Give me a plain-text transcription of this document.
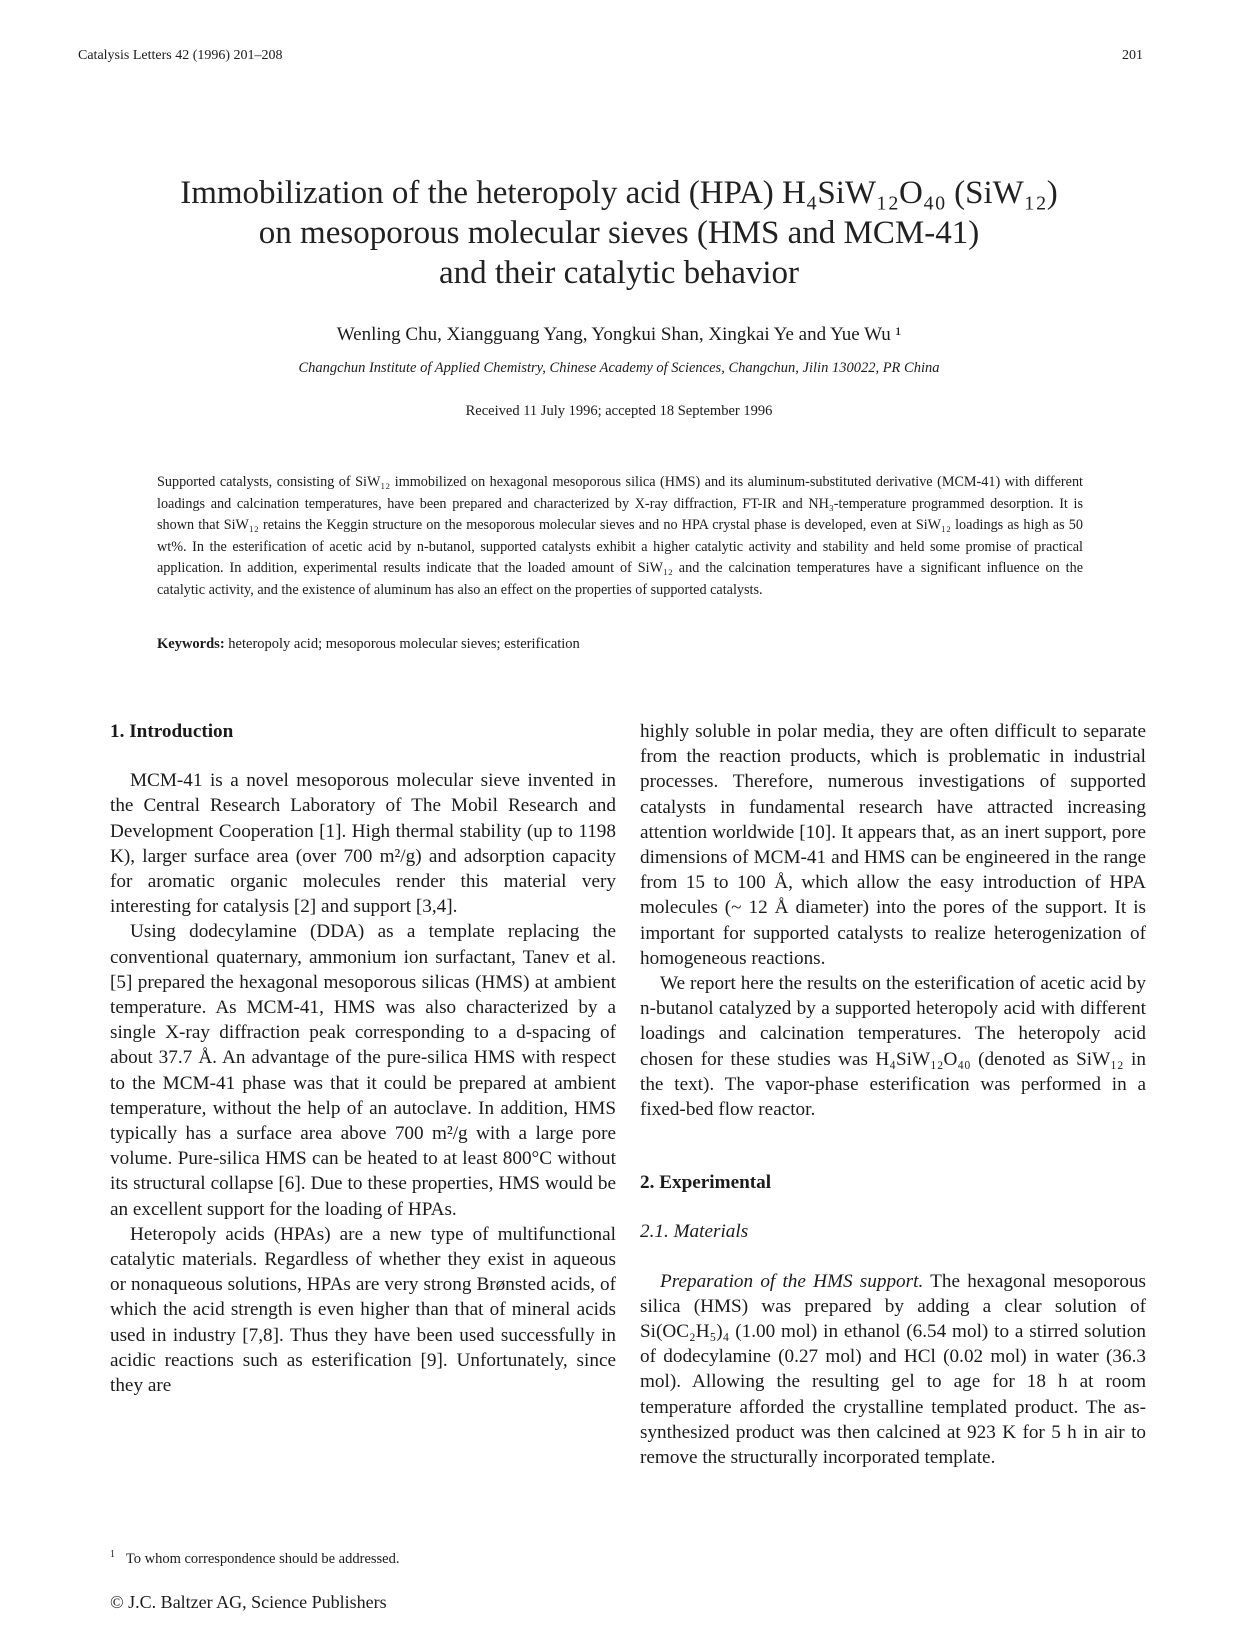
Catalysis Letters 42 (1996) 201–208	201
Immobilization of the heteropoly acid (HPA) H₄SiW₁₂O₄₀ (SiW₁₂)
on mesoporous molecular sieves (HMS and MCM-41)
and their catalytic behavior
Wenling Chu, Xiangguang Yang, Yongkui Shan, Xingkai Ye and Yue Wu ¹
Changchun Institute of Applied Chemistry, Chinese Academy of Sciences, Changchun, Jilin 130022, PR China
Received 11 July 1996; accepted 18 September 1996
Supported catalysts, consisting of SiW₁₂ immobilized on hexagonal mesoporous silica (HMS) and its aluminum-substituted derivative (MCM-41) with different loadings and calcination temperatures, have been prepared and characterized by X-ray diffraction, FT-IR and NH₃-temperature programmed desorption. It is shown that SiW₁₂ retains the Keggin structure on the mesoporous molecular sieves and no HPA crystal phase is developed, even at SiW₁₂ loadings as high as 50 wt%. In the esterification of acetic acid by n-butanol, supported catalysts exhibit a higher catalytic activity and stability and held some promise of practical application. In addition, experimental results indicate that the loaded amount of SiW₁₂ and the calcination temperatures have a significant influence on the catalytic activity, and the existence of aluminum has also an effect on the properties of supported catalysts.
Keywords: heteropoly acid; mesoporous molecular sieves; esterification
1. Introduction

MCM-41 is a novel mesoporous molecular sieve invented in the Central Research Laboratory of The Mobil Research and Development Cooperation [1]. High thermal stability (up to 1198 K), larger surface area (over 700 m²/g) and adsorption capacity for aromatic organic molecules render this material very interesting for catalysis [2] and support [3,4].

Using dodecylamine (DDA) as a template replacing the conventional quaternary, ammonium ion surfactant, Tanev et al. [5] prepared the hexagonal mesoporous silicas (HMS) at ambient temperature. As MCM-41, HMS was also characterized by a single X-ray diffraction peak corresponding to a d-spacing of about 37.7 Å. An advantage of the pure-silica HMS with respect to the MCM-41 phase was that it could be prepared at ambient temperature, without the help of an autoclave. In addition, HMS typically has a surface area above 700 m²/g with a large pore volume. Pure-silica HMS can be heated to at least 800°C without its structural collapse [6]. Due to these properties, HMS would be an excellent support for the loading of HPAs.

Heteropoly acids (HPAs) are a new type of multifunctional catalytic materials. Regardless of whether they exist in aqueous or nonaqueous solutions, HPAs are very strong Brønsted acids, of which the acid strength is even higher than that of mineral acids used in industry [7,8]. Thus they have been used successfully in acidic reactions such as esterification [9]. Unfortunately, since they are

highly soluble in polar media, they are often difficult to separate from the reaction products, which is problematic in industrial processes. Therefore, numerous investigations of supported catalysts in fundamental research have attracted increasing attention worldwide [10]. It appears that, as an inert support, pore dimensions of MCM-41 and HMS can be engineered in the range from 15 to 100 Å, which allow the easy introduction of HPA molecules (~ 12 Å diameter) into the pores of the support. It is important for supported catalysts to realize heterogenization of homogeneous reactions.

We report here the results on the esterification of acetic acid by n-butanol catalyzed by a supported heteropoly acid with different loadings and calcination temperatures. The heteropoly acid chosen for these studies was H₄SiW₁₂O₄₀ (denoted as SiW₁₂ in the text). The vapor-phase esterification was performed in a fixed-bed flow reactor.

2. Experimental
2.1. Materials

Preparation of the HMS support. The hexagonal mesoporous silica (HMS) was prepared by adding a clear solution of Si(OC₂H₅)₄ (1.00 mol) in ethanol (6.54 mol) to a stirred solution of dodecylamine (0.27 mol) and HCl (0.02 mol) in water (36.3 mol). Allowing the resulting gel to age for 18 h at room temperature afforded the crystalline templated product. The as-synthesized product was then calcined at 923 K for 5 h in air to remove the structurally incorporated template.

$^1$ To whom correspondence should be addressed.
© J.C. Baltzer AG, Science Publishers
